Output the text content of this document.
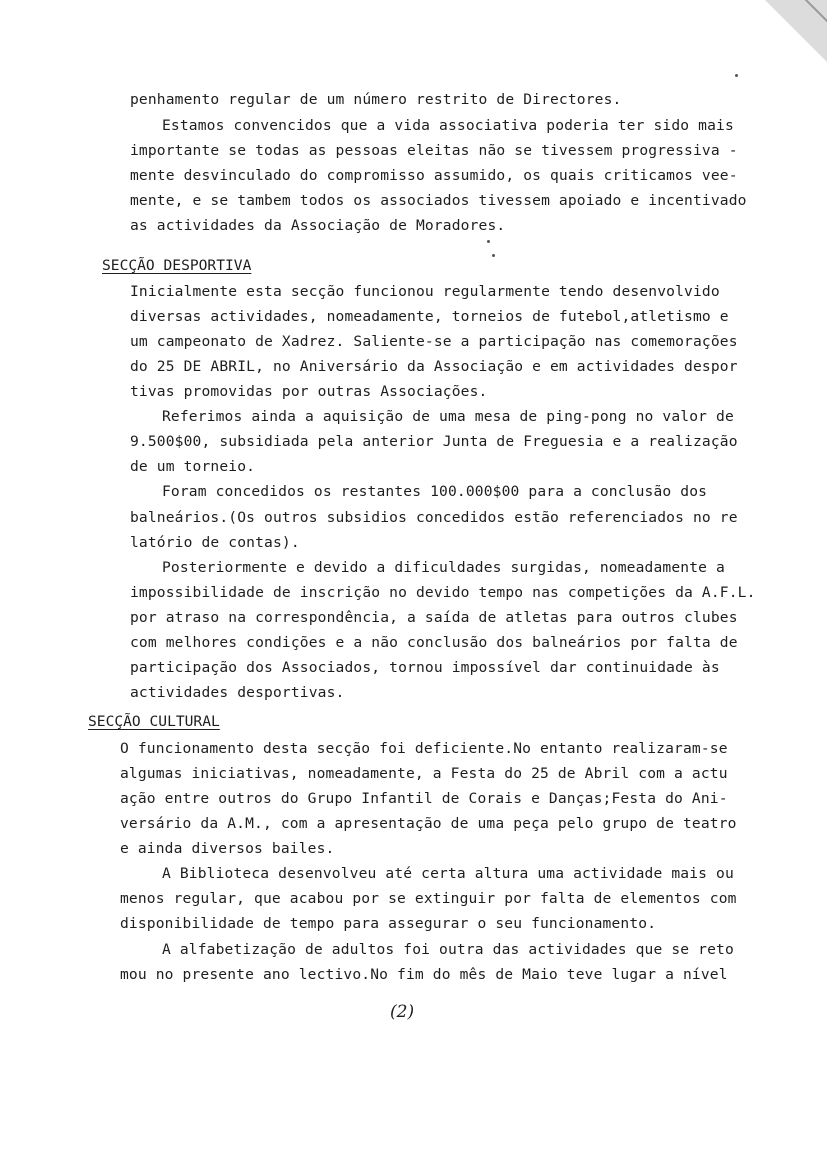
penhamento regular de um número restrito de Directores.
Estamos convencidos que a vida associativa poderia ter sido mais
importante se todas as pessoas eleitas não se tivessem progressiva -
mente desvinculado do compromisso assumido, os quais criticamos vee-
mente, e se tambem todos os associados tivessem apoiado e incentivado
as actividades da Associação de Moradores.
SECÇÃO DESPORTIVA
Inicialmente esta secção funcionou regularmente tendo desenvolvido
diversas actividades, nomeadamente, torneios de futebol,atletismo e
um campeonato de Xadrez. Saliente-se a participação nas comemorações
do 25 DE ABRIL, no Aniversário da Associação e em actividades despor
tivas promovidas por outras Associações.
Referimos ainda a aquisição de uma mesa de ping-pong no valor de
9.500$00, subsidiada pela anterior Junta de Freguesia e a realização
de um torneio.
Foram concedidos os restantes 100.000$00 para a conclusão dos
balneários.(Os outros subsidios concedidos estão referenciados no re
latório de contas).
Posteriormente e devido a dificuldades surgidas, nomeadamente a
impossibilidade de inscrição no devido tempo nas competições da A.F.L.
por atraso na correspondência, a saída de atletas para outros clubes
com melhores condições e a não conclusão dos balneários por falta de
participação dos Associados, tornou impossível dar continuidade às
actividades desportivas.
SECÇÃO CULTURAL
O funcionamento desta secção foi deficiente.No entanto realizaram-se
algumas iniciativas, nomeadamente, a Festa do 25 de Abril com a actu
ação entre outros do Grupo Infantil de Corais e Danças;Festa do Ani-
versário da A.M., com a apresentação de uma peça pelo grupo de teatro
e ainda diversos bailes.
A Biblioteca desenvolveu até certa altura uma actividade mais ou
menos regular, que acabou por se extinguir por falta de elementos com
disponibilidade de tempo para assegurar o seu funcionamento.
A alfabetização de adultos foi outra das actividades que se reto
mou no presente ano lectivo.No fim do mês de Maio teve lugar a nível
(2)
